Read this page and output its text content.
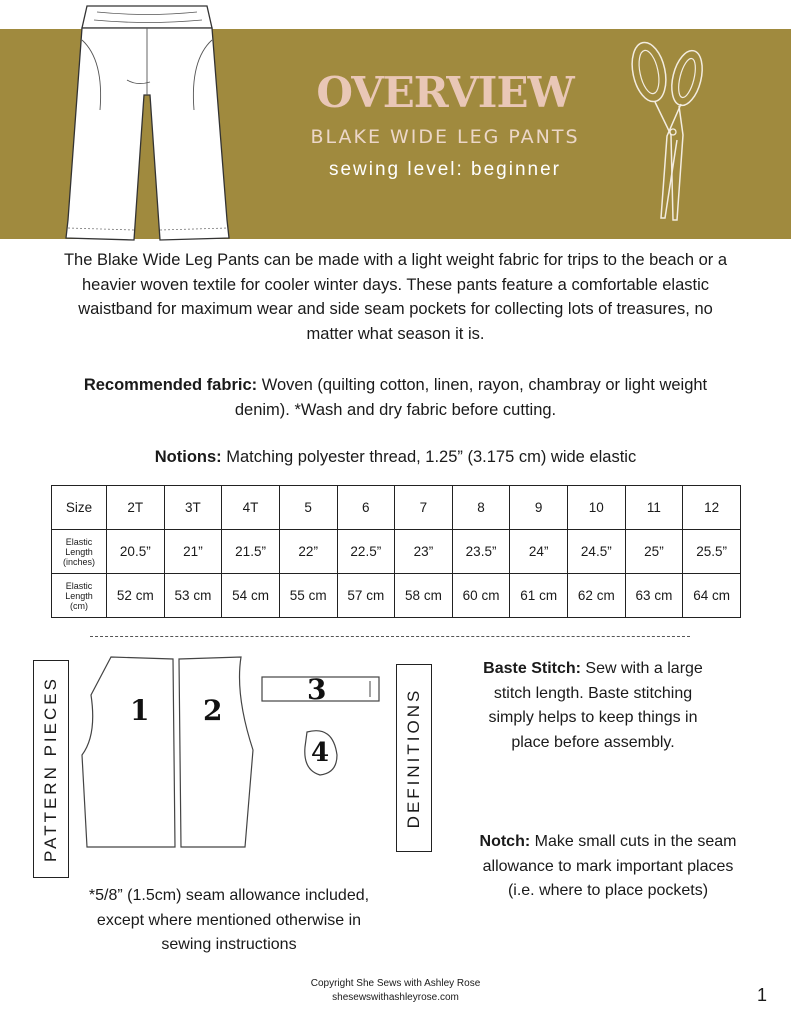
OVERVIEW
BLAKE WIDE LEG PANTS
sewing level: beginner
The Blake Wide Leg Pants can be made with a light weight fabric for trips to the beach or a heavier woven textile for cooler winter days. These pants feature a comfortable elastic waistband for maximum wear and side seam pockets for collecting lots of treasures, no matter what season it is.
Recommended fabric: Woven (quilting cotton, linen, rayon, chambray or light weight denim). *Wash and dry fabric before cutting.
Notions: Matching polyester thread, 1.25” (3.175 cm) wide elastic
Size	2T	3T	4T	5	6	7	8	9	10	11	12

Elastic
Length
(inches)	20.5”	21”	21.5”	22”	22.5”	23”	23.5”	24”	24.5”	25”	25.5”

Elastic
Length
(cm)	52 cm	53 cm	54 cm	55 cm	57 cm	58 cm	60 cm	61 cm	62 cm	63 cm	64 cm
PATTERN PIECES	1 2
3
4	DEFINITIONS
*5/8” (1.5cm) seam allowance included, except where mentioned otherwise in sewing instructions
Baste Stitch: Sew with a large stitch length. Baste stitching simply helps to keep things in place before assembly.
Notch: Make small cuts in the seam allowance to mark important places (i.e. where to place pockets)
Copyright She Sews with Ashley Rose
shesewswithashleyrose.com	1
